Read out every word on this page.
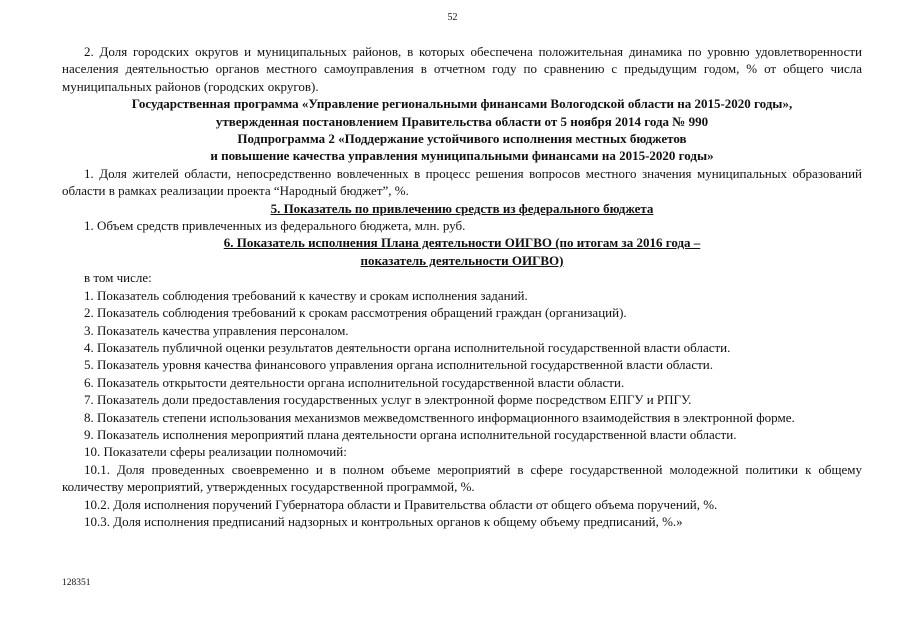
52

2. Доля городских округов и муниципальных районов, в которых обеспечена положительная динамика по уровню удовлетворенности населения деятельностью органов местного самоуправления в отчетном году по сравнению с предыдущим годом, % от общего числа муниципальных районов (городских округов).

Государственная программа «Управление региональными финансами Вологодской области на 2015-2020 годы»,
утвержденная постановлением Правительства области от 5 ноября 2014 года № 990
Подпрограмма 2 «Поддержание устойчивого исполнения местных бюджетов
и повышение качества управления муниципальными финансами на 2015-2020 годы»

1. Доля жителей области, непосредственно вовлеченных в процесс решения вопросов местного значения муниципальных образований области в рамках реализации проекта “Народный бюджет”, %.

5. Показатель по привлечению средств из федерального бюджета

1. Объем средств привлеченных из федерального бюджета, млн. руб.

6. Показатель исполнения Плана деятельности ОИГВО (по итогам за 2016 года –
показатель деятельности ОИГВО)

в том числе:

1. Показатель соблюдения требований к качеству и срокам исполнения заданий.

2. Показатель соблюдения требований к срокам рассмотрения обращений граждан (организаций).

3. Показатель качества управления персоналом.

4. Показатель публичной оценки результатов деятельности органа исполнительной государственной власти области.

5. Показатель уровня качества финансового управления органа исполнительной государственной власти области.

6. Показатель открытости деятельности органа исполнительной государственной власти области.

7. Показатель доли предоставления государственных услуг в электронной форме посредством ЕПГУ и РПГУ.

8. Показатель степени использования механизмов межведомственного информационного взаимодействия в электронной форме.

9. Показатель исполнения мероприятий плана деятельности органа исполнительной государственной власти области.

10. Показатели сферы реализации полномочий:

10.1. Доля проведенных своевременно и в полном объеме мероприятий в сфере государственной молодежной политики к общему количеству мероприятий, утвержденных государственной программой, %.

10.2. Доля исполнения поручений Губернатора области и Правительства области от общего объема поручений, %.

10.3. Доля исполнения предписаний надзорных и контрольных органов к общему объему предписаний, %.»

128351
